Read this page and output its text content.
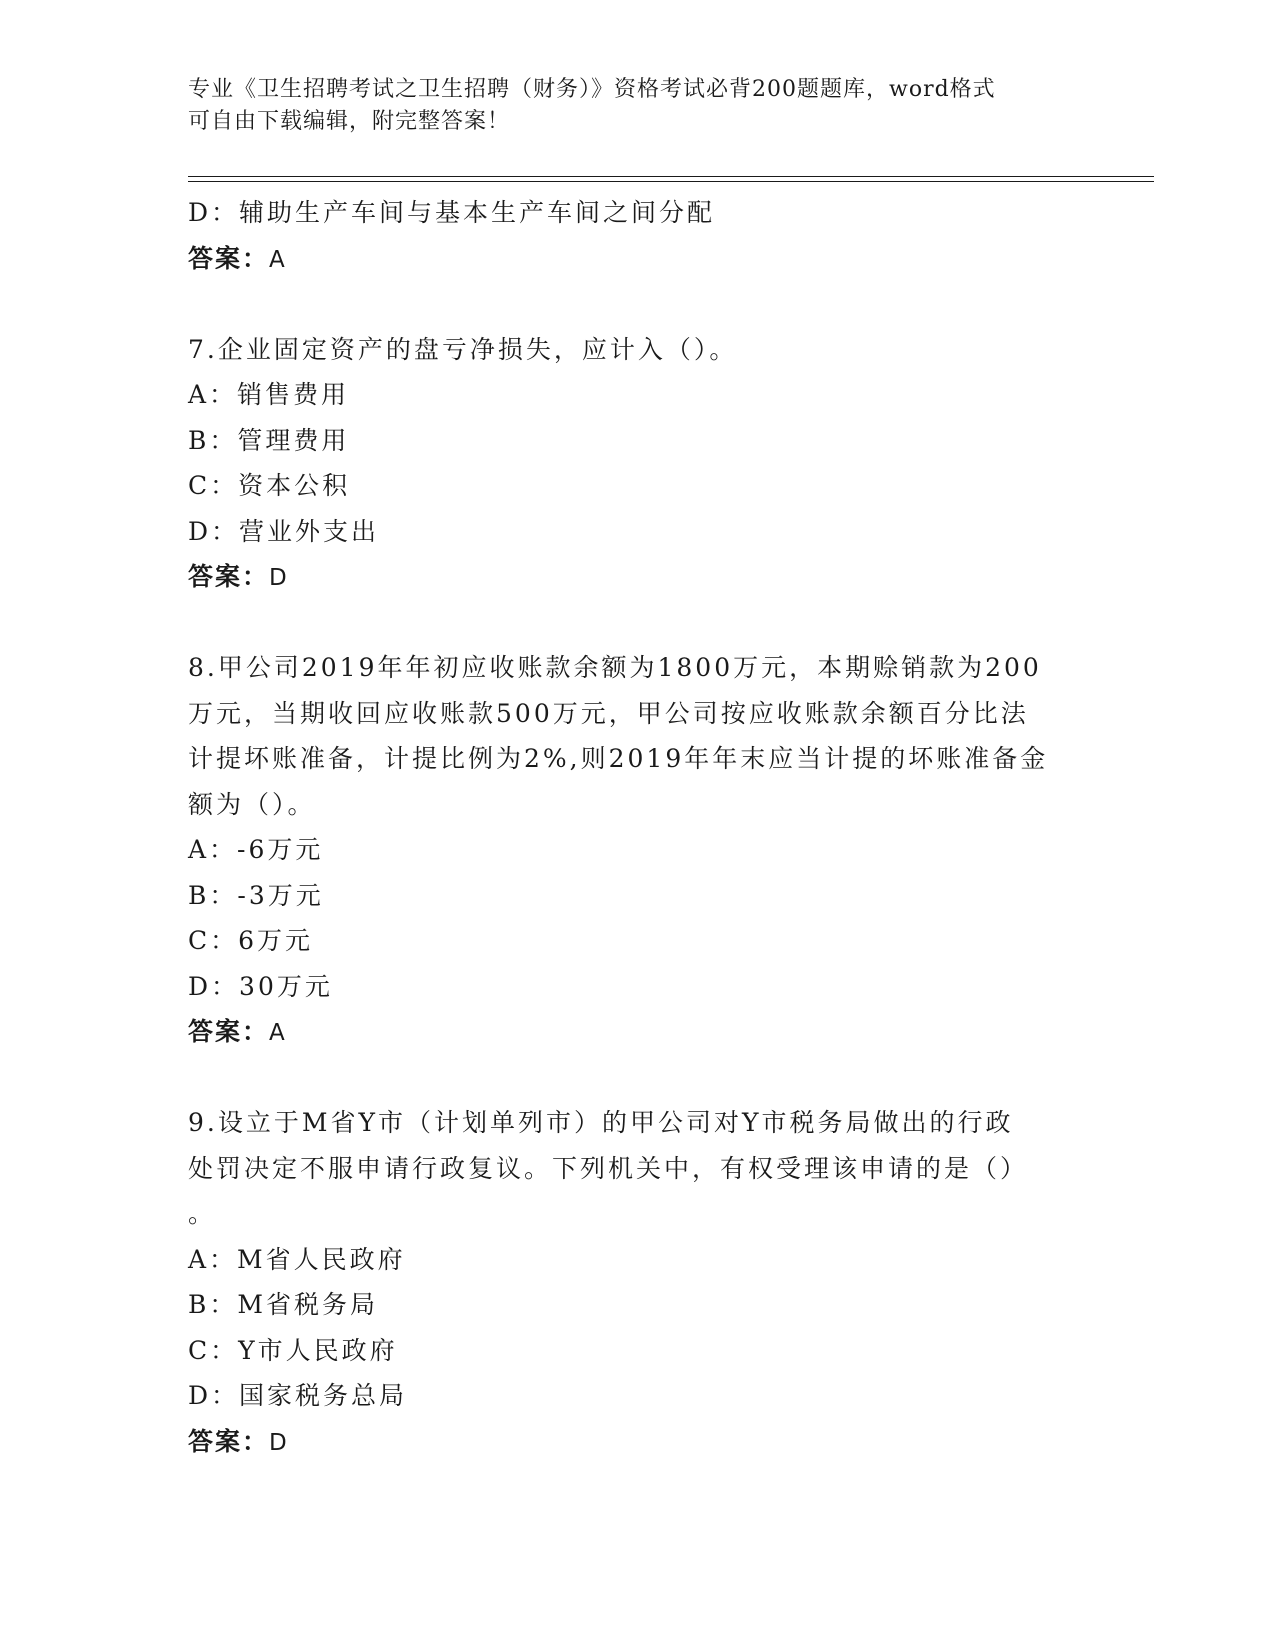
专业《卫生招聘考试之卫生招聘（财务）》资格考试必背200题题库，word格式
可自由下载编辑，附完整答案！
D：辅助生产车间与基本生产车间之间分配
答案：A
7.企业固定资产的盘亏净损失，应计入（）。
A：销售费用
B：管理费用
C：资本公积
D：营业外支出
答案：D
8.甲公司2019年年初应收账款余额为1800万元，本期赊销款为200
万元，当期收回应收账款500万元，甲公司按应收账款余额百分比法
计提坏账准备，计提比例为2%,则2019年年末应当计提的坏账准备金
额为（）。
A：-6万元
B：-3万元
C：6万元
D：30万元
答案：A
9.设立于M省Y市（计划单列市）的甲公司对Y市税务局做出的行政
处罚决定不服申请行政复议。下列机关中，有权受理该申请的是（）
。
A：M省人民政府
B：M省税务局
C：Y市人民政府
D：国家税务总局
答案：D
